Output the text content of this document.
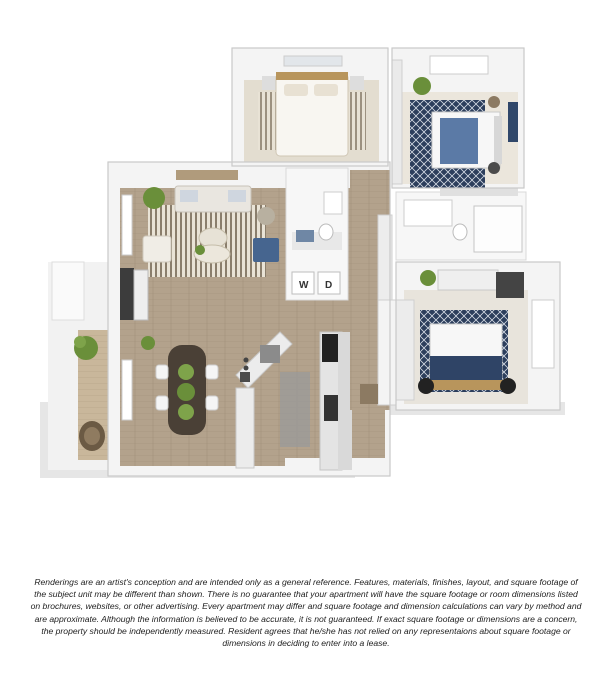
W D
Renderings are an artist's conception and are intended only as a general reference. Features, materials, finishes, layout, and square footage of the subject unit may be different than shown. There is no guarantee that your apartment will have the square footage or room dimensions listed on brochures, websites, or other advertising. Every apartment may differ and square footage and dimension calculations can vary by method and are approximate. Although the information is believed to be accurate, it is not guaranteed. If exact square footage or dimensions are a concern, the property should be independently measured. Resident agrees that he/she has not relied on any representaions about square footage or dimensions in deciding to enter into a lease.
